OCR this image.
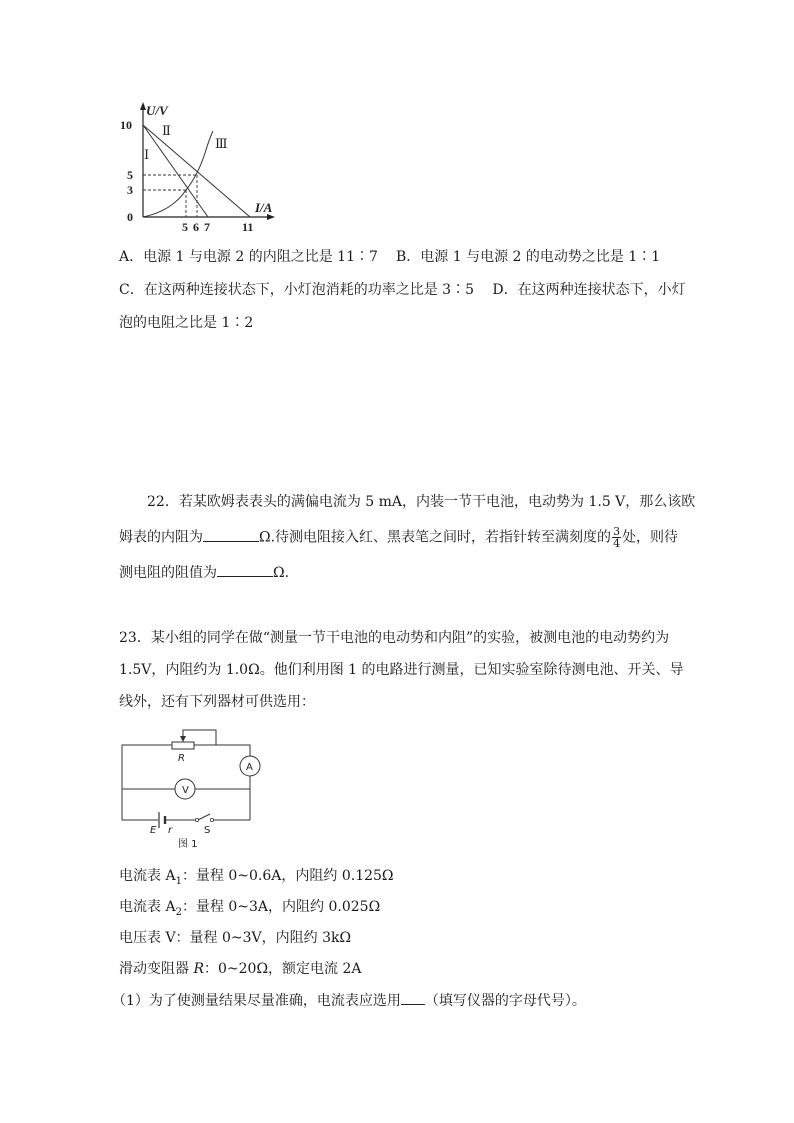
U/V
I/A
10
5
3
0
5 6 7	11
Ⅰ
Ⅱ
Ⅲ
A．电源 1 与电源 2 的内阻之比是 11∶7 B．电源 1 与电源 2 的电动势之比是 1∶1
C．在这两种连接状态下，小灯泡消耗的功率之比是 3∶5　 D．在这两种连接状态下，小灯
泡的电阻之比是 1∶2
22．若某欧姆表表头的满偏电流为 5 mA，内装一节干电池，电动势为 1.5 V，那么该欧
姆表的内阻为	Ω.待测电阻接入红、黑表笔之间时，若指针转至满刻度的 $\frac{3}{4}$ 处，则待
测电阻的阻值为	Ω.
23．某小组的同学在做“测量一节干电池的电动势和内阻”的实验，被测电池的电动势约为
1.5V，内阻约为 1.0Ω。他们利用图 1 的电路进行测量，已知实验室除待测电池、开关、导
线外，还有下列器材可供选用：
R
A
V
E r	S
图 1
电流表 $A_1$：量程 0~0.6A，内阻约 0.125Ω
电流表 $A_2$：量程 0~3A，内阻约 0.025Ω
电压表 V：量程 0~3V，内阻约 3kΩ
滑动变阻器 R：0~20Ω，额定电流 2A
（1）为了使测量结果尽量准确，电流表应选用 （填写仪器的字母代号）。
